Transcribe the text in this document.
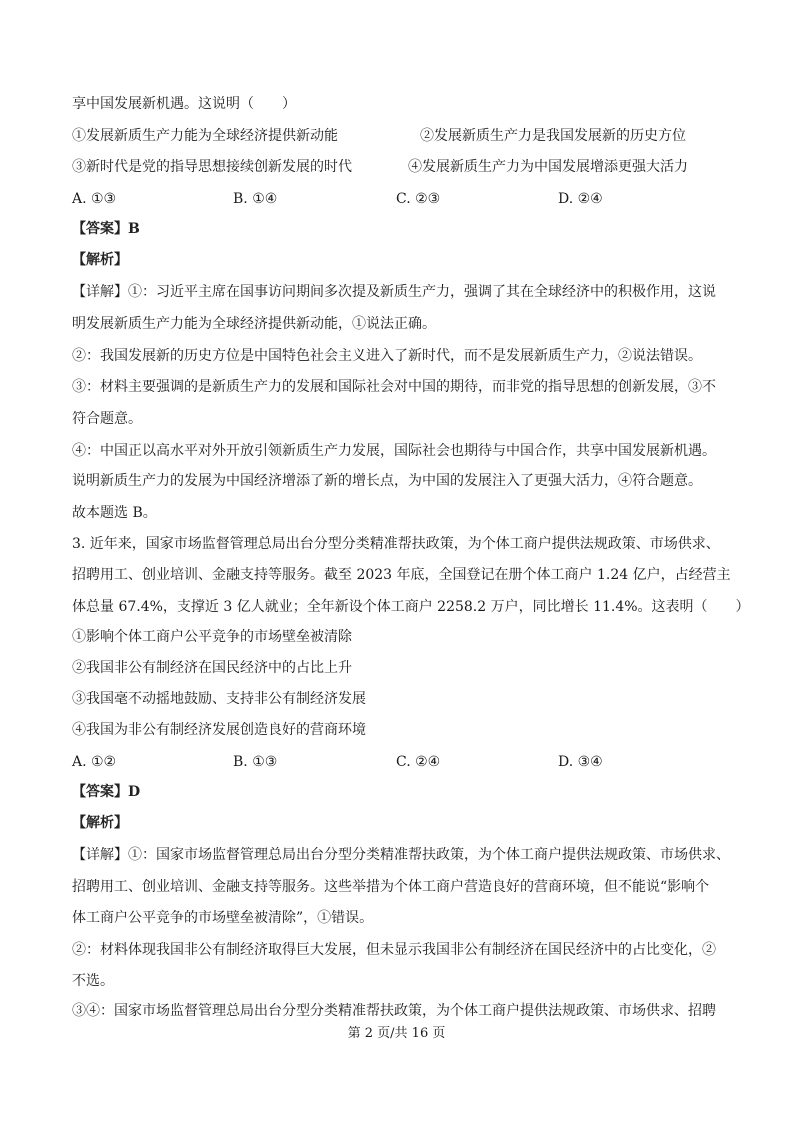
享中国发展新机遇。这说明（　　）
①发展新质生产力能为全球经济提供新动能	②发展新质生产力是我国发展新的历史方位
③新时代是党的指导思想接续创新发展的时代	④发展新质生产力为中国发展增添更强大活力
A. ①③	B. ①④	C. ②③	D. ②④
【答案】B
【解析】
【详解】①：习近平主席在国事访问期间多次提及新质生产力，强调了其在全球经济中的积极作用，这说
明发展新质生产力能为全球经济提供新动能，①说法正确。
②：我国发展新的历史方位是中国特色社会主义进入了新时代，而不是发展新质生产力，②说法错误。
③：材料主要强调的是新质生产力的发展和国际社会对中国的期待，而非党的指导思想的创新发展，③不
符合题意。
④：中国正以高水平对外开放引领新质生产力发展，国际社会也期待与中国合作，共享中国发展新机遇。
说明新质生产力的发展为中国经济增添了新的增长点，为中国的发展注入了更强大活力，④符合题意。
故本题选 B。
3. 近年来，国家市场监督管理总局出台分型分类精准帮扶政策，为个体工商户提供法规政策、市场供求、
招聘用工、创业培训、金融支持等服务。截至 2023 年底，全国登记在册个体工商户 1.24 亿户，占经营主
体总量 67.4%，支撑近 3 亿人就业；全年新设个体工商户 2258.2 万户，同比增长 11.4%。这表明（　　）
①影响个体工商户公平竞争的市场壁垒被清除
②我国非公有制经济在国民经济中的占比上升
③我国毫不动摇地鼓励、支持非公有制经济发展
④我国为非公有制经济发展创造良好的营商环境
A. ①②	B. ①③	C. ②④	D. ③④
【答案】D
【解析】
【详解】①：国家市场监督管理总局出台分型分类精准帮扶政策，为个体工商户提供法规政策、市场供求、
招聘用工、创业培训、金融支持等服务。这些举措为个体工商户营造良好的营商环境，但不能说“影响个
体工商户公平竞争的市场壁垒被清除”，①错误。
②：材料体现我国非公有制经济取得巨大发展，但未显示我国非公有制经济在国民经济中的占比变化，②
不选。
③④：国家市场监督管理总局出台分型分类精准帮扶政策，为个体工商户提供法规政策、市场供求、招聘
第 2 页/共 16 页
